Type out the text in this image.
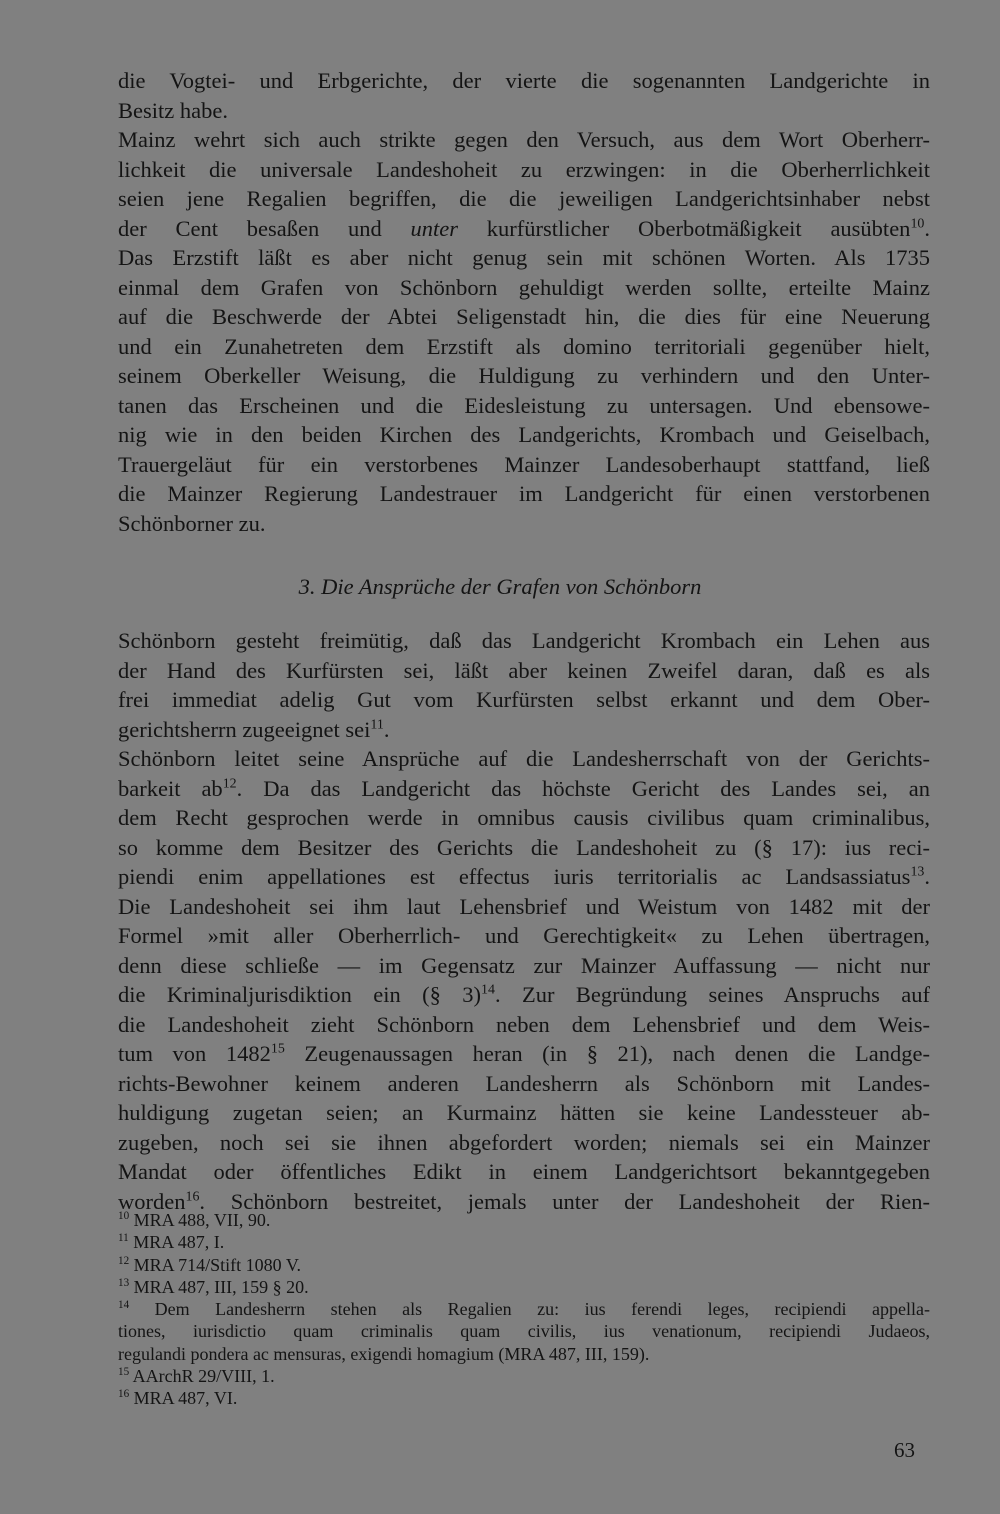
die Vogtei- und Erbgerichte, der vierte die sogenannten Landgerichte in
Besitz habe.
Mainz wehrt sich auch strikte gegen den Versuch, aus dem Wort Oberherr-
lichkeit die universale Landeshoheit zu erzwingen: in die Oberherrlichkeit
seien jene Regalien begriffen, die die jeweiligen Landgerichtsinhaber nebst
der Cent besaßen und unter kurfürstlicher Oberbotmäßigkeit ausübten$^{10}$.
Das Erzstift läßt es aber nicht genug sein mit schönen Worten. Als 1735
einmal dem Grafen von Schönborn gehuldigt werden sollte, erteilte Mainz
auf die Beschwerde der Abtei Seligenstadt hin, die dies für eine Neuerung
und ein Zunahetreten dem Erzstift als domino territoriali gegenüber hielt,
seinem Oberkeller Weisung, die Huldigung zu verhindern und den Unter-
tanen das Erscheinen und die Eidesleistung zu untersagen. Und ebensowe-
nig wie in den beiden Kirchen des Landgerichts, Krombach und Geiselbach,
Trauergeläut für ein verstorbenes Mainzer Landesoberhaupt stattfand, ließ
die Mainzer Regierung Landestrauer im Landgericht für einen verstorbenen
Schönborner zu.
3. Die Ansprüche der Grafen von Schönborn
Schönborn gesteht freimütig, daß das Landgericht Krombach ein Lehen aus
der Hand des Kurfürsten sei, läßt aber keinen Zweifel daran, daß es als
frei immediat adelig Gut vom Kurfürsten selbst erkannt und dem Ober-
gerichtsherrn zugeeignet sei$^{11}$.
Schönborn leitet seine Ansprüche auf die Landesherrschaft von der Gerichts-
barkeit $ab^{12}$. Da das Landgericht das höchste Gericht des Landes sei, an
dem Recht gesprochen werde in omnibus causis civilibus quam criminalibus,
so komme dem Besitzer des Gerichts die Landeshoheit zu (§ 17): ius reci-
piendi enim appellationes est effectus iuris territorialis ac Landsassiatus$^{13}$.
Die Landeshoheit sei ihm laut Lehensbrief und Weistum von 1482 mit der
Formel »mit aller Oberherrlich- und Gerechtigkeit« zu Lehen übertragen,
denn diese schließe — im Gegensatz zur Mainzer Auffassung — nicht nur
die Kriminaljurisdiktion ein (§ 3)$^{14}$. Zur Begründung seines Anspruchs auf
die Landeshoheit zieht Schönborn neben dem Lehensbrief und dem Weis-
tum von 1482$^{15}$ Zeugenaussagen heran (in § 21), nach denen die Landge-
richts-Bewohner keinem anderen Landesherrn als Schönborn mit Landes-
huldigung zugetan seien; an Kurmainz hätten sie keine Landessteuer ab-
zugeben, noch sei sie ihnen abgefordert worden; niemals sei ein Mainzer
Mandat oder öffentliches Edikt in einem Landgerichtsort bekanntgegeben
worden$^{16}$. Schönborn bestreitet, jemals unter der Landeshoheit der Rien-
$^{10}$ MRA 488, VII, 90.
$^{11}$ MRA 487, I.
$^{12}$ MRA 714/Stift 1080 V.
$^{13}$ MRA 487, III, 159 § 20.
$^{14}$ Dem Landesherrn stehen als Regalien zu: ius ferendi leges, recipiendi appella-
tiones, iurisdictio quam criminalis quam civilis, ius venationum, recipiendi Judaeos,
regulandi pondera ac mensuras, exigendi homagium (MRA 487, III, 159).
$^{15}$ AArchR 29/VIII, 1.
$^{16}$ MRA 487, VI.
63
